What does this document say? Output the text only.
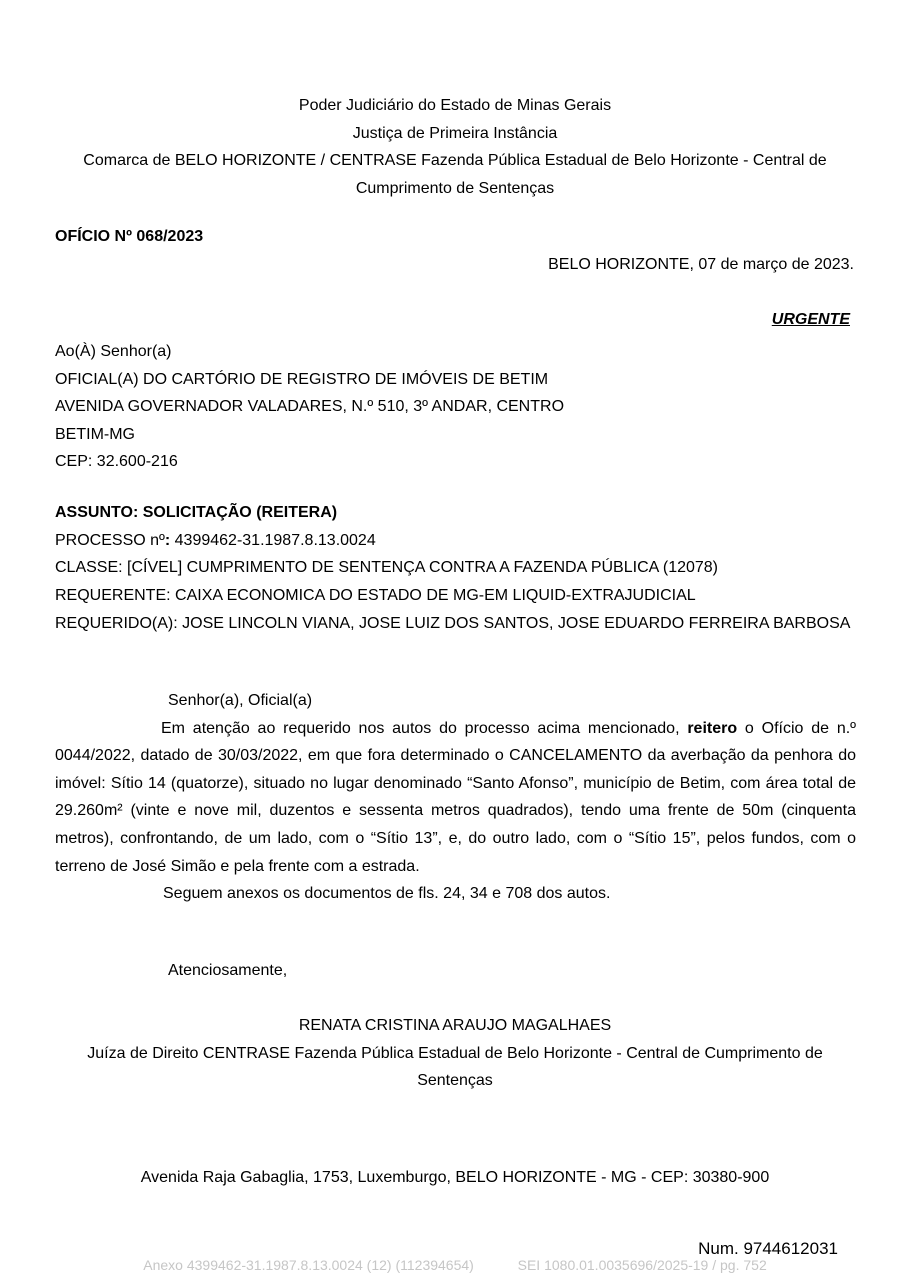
Poder Judiciário do Estado de Minas Gerais
Justiça de Primeira Instância
Comarca de BELO HORIZONTE / CENTRASE Fazenda Pública Estadual de Belo Horizonte - Central de Cumprimento de Sentenças
OFÍCIO Nº 068/2023
BELO HORIZONTE, 07 de março de 2023.
URGENTE
Ao(À) Senhor(a)
OFICIAL(A) DO CARTÓRIO DE REGISTRO DE IMÓVEIS DE BETIM
AVENIDA GOVERNADOR VALADARES, N.º 510, 3º ANDAR, CENTRO
BETIM-MG
CEP: 32.600-216
ASSUNTO: SOLICITAÇÃO (REITERA)
PROCESSO nº: 4399462-31.1987.8.13.0024
CLASSE: [CÍVEL] CUMPRIMENTO DE SENTENÇA CONTRA A FAZENDA PÚBLICA (12078)
REQUERENTE: CAIXA ECONOMICA DO ESTADO DE MG-EM LIQUID-EXTRAJUDICIAL
REQUERIDO(A): JOSE LINCOLN VIANA, JOSE LUIZ DOS SANTOS, JOSE EDUARDO FERREIRA BARBOSA

Senhor(a), Oficial(a)

Em atenção ao requerido nos autos do processo acima mencionado, reitero o Ofício de n.º 0044/2022, datado de 30/03/2022, em que fora determinado o CANCELAMENTO da averbação da penhora do imóvel: Sítio 14 (quatorze), situado no lugar denominado “Santo Afonso”, município de Betim, com área total de 29.260m² (vinte e nove mil, duzentos e sessenta metros quadrados), tendo uma frente de 50m (cinquenta metros), confrontando, de um lado, com o “Sítio 13”, e, do outro lado, com o “Sítio 15”, pelos fundos, com o terreno de José Simão e pela frente com a estrada.

Seguem anexos os documentos de fls. 24, 34 e 708 dos autos.

Atenciosamente,
RENATA CRISTINA ARAUJO MAGALHAES
Juíza de Direito CENTRASE Fazenda Pública Estadual de Belo Horizonte - Central de Cumprimento de Sentenças
Avenida Raja Gabaglia, 1753, Luxemburgo, BELO HORIZONTE - MG - CEP: 30380-900
Num. 9744612031
Anexo 4399462-31.1987.8.13.0024 (12) (112394654)	SEI 1080.01.0035696/2025-19 / pg. 752
